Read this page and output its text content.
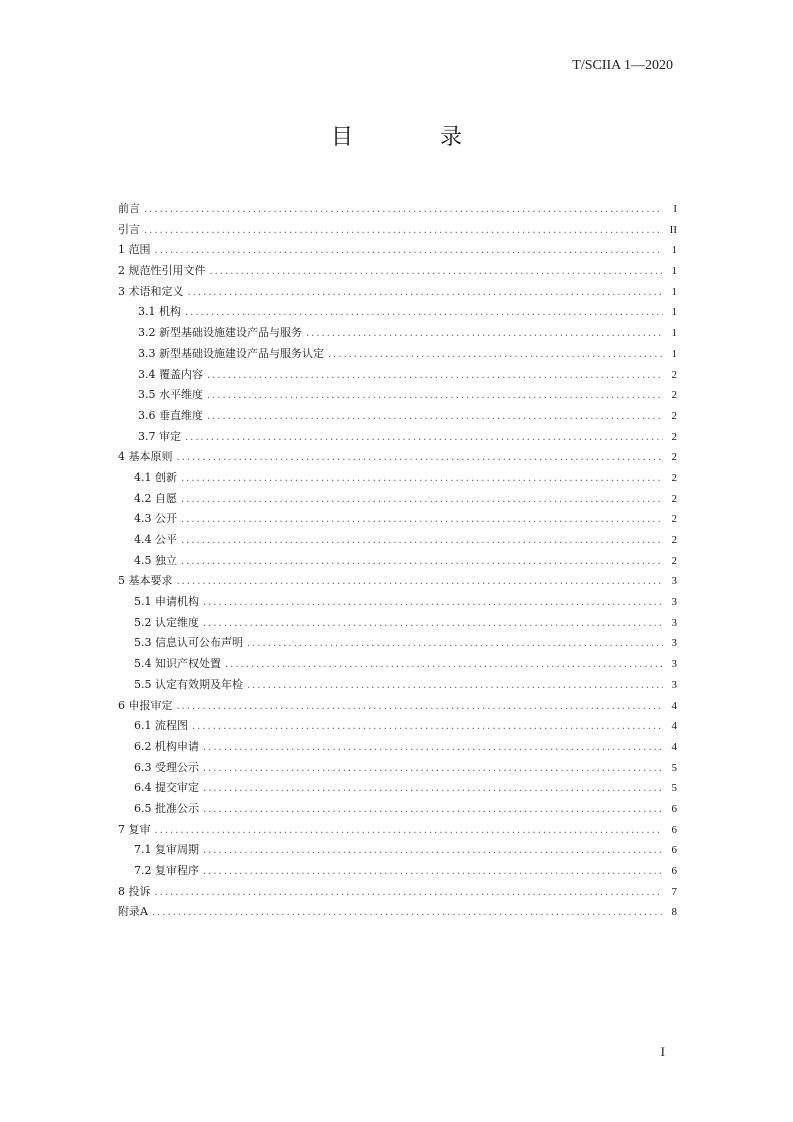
T/SCIIA 1—2020
目 录
前言 .....	I
引言 .....	II
1 范围 .....	1
2 规范性引用文件 .....	1
3 术语和定义 .....	1
3.1 机构 .....	1
3.2 新型基础设施建设产品与服务 .....	1
3.3 新型基础设施建设产品与服务认定 .....	1
3.4 覆盖内容 .....	2
3.5 水平维度 .....	2
3.6 垂直维度 .....	2
3.7 审定 .....	2
4 基本原则 .....	2
4.1 创新 .....	2
4.2 自愿 .....	2
4.3 公开 .....	2
4.4 公平 .....	2
4.5 独立 .....	2
5 基本要求 .....	3
5.1 申请机构 .....	3
5.2 认定维度 .....	3
5.3 信息认可公布声明 .....	3
5.4 知识产权处置 .....	3
5.5 认定有效期及年检 .....	3
6 申报审定 .....	4
6.1 流程图 .....	4
6.2 机构申请 .....	4
6.3 受理公示 .....	5
6.4 提交审定 .....	5
6.5 批准公示 .....	6
7 复审 .....	6
7.1 复审周期 .....	6
7.2 复审程序 .....	6
8 投诉 .....	7
附录A .....	8
I
